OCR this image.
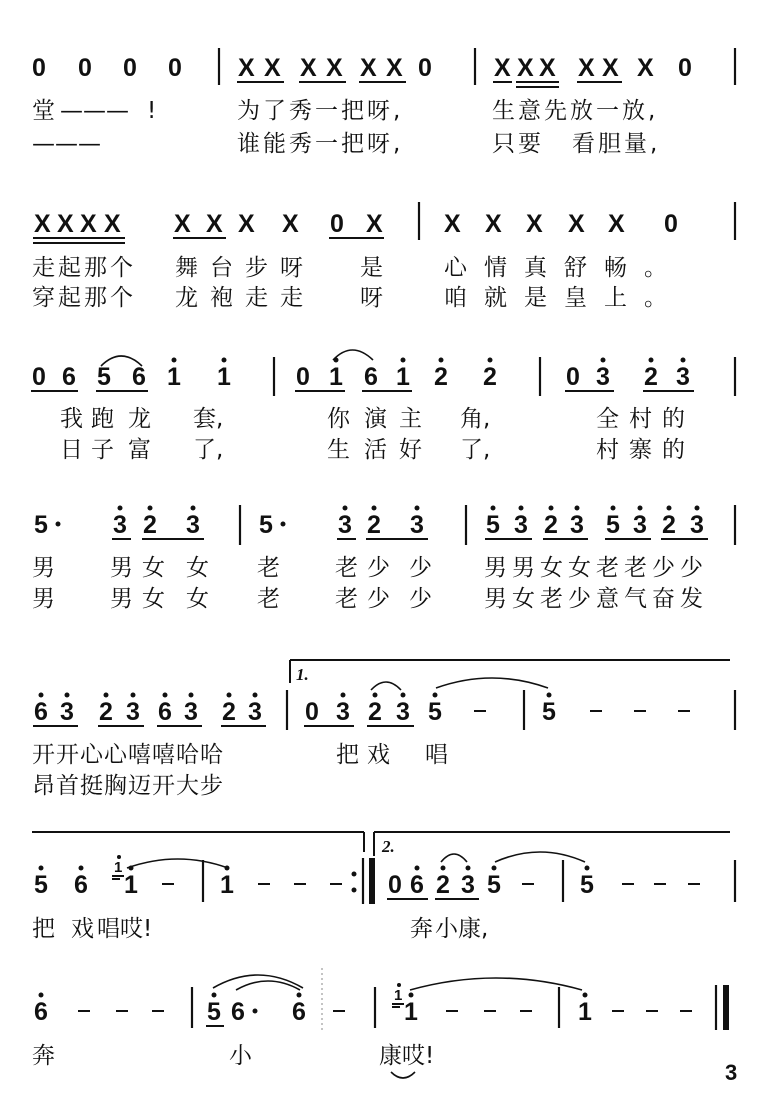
0 0 0 0 X X X X X X 0 X X X X X X 0
堂 ——— !	为了秀一把呀,	生意先放一放,
———	谁能秀一把呀,	只要 看胆量,
X X X X X X X X 0 X X X X X X 0
走起那个 舞台步呀 是	心情真舒畅。
穿起那个 龙袍走走 呀	咱就是皇上。
0 6 5 6 1 1	0 1 6 1 2 2	0 3 2 3
我跑 龙 套,	你 演主 角,	全村的
日子 富 了,	生 活好 了,	村寨的
5	3 2 3 5	3 2 3 5 3 2 3 5 3 2 3
男 男女 女 老 老少 少 男男女女老老少少
男 男女 女 老 老少 少 男女老少意气奋发
1.
6 3 2 3 6 3 2 3 0 3 2 3 5	5
开开心心嘻嘻哈哈	把戏 唱
昂首挺胸迈开大步
2.
5 6
1
1	1	0 6 2 3 5	5
把 戏 唱哎!	奔小
康,
6	5 6 6
1
1	1
奔	小	康哎!
3
